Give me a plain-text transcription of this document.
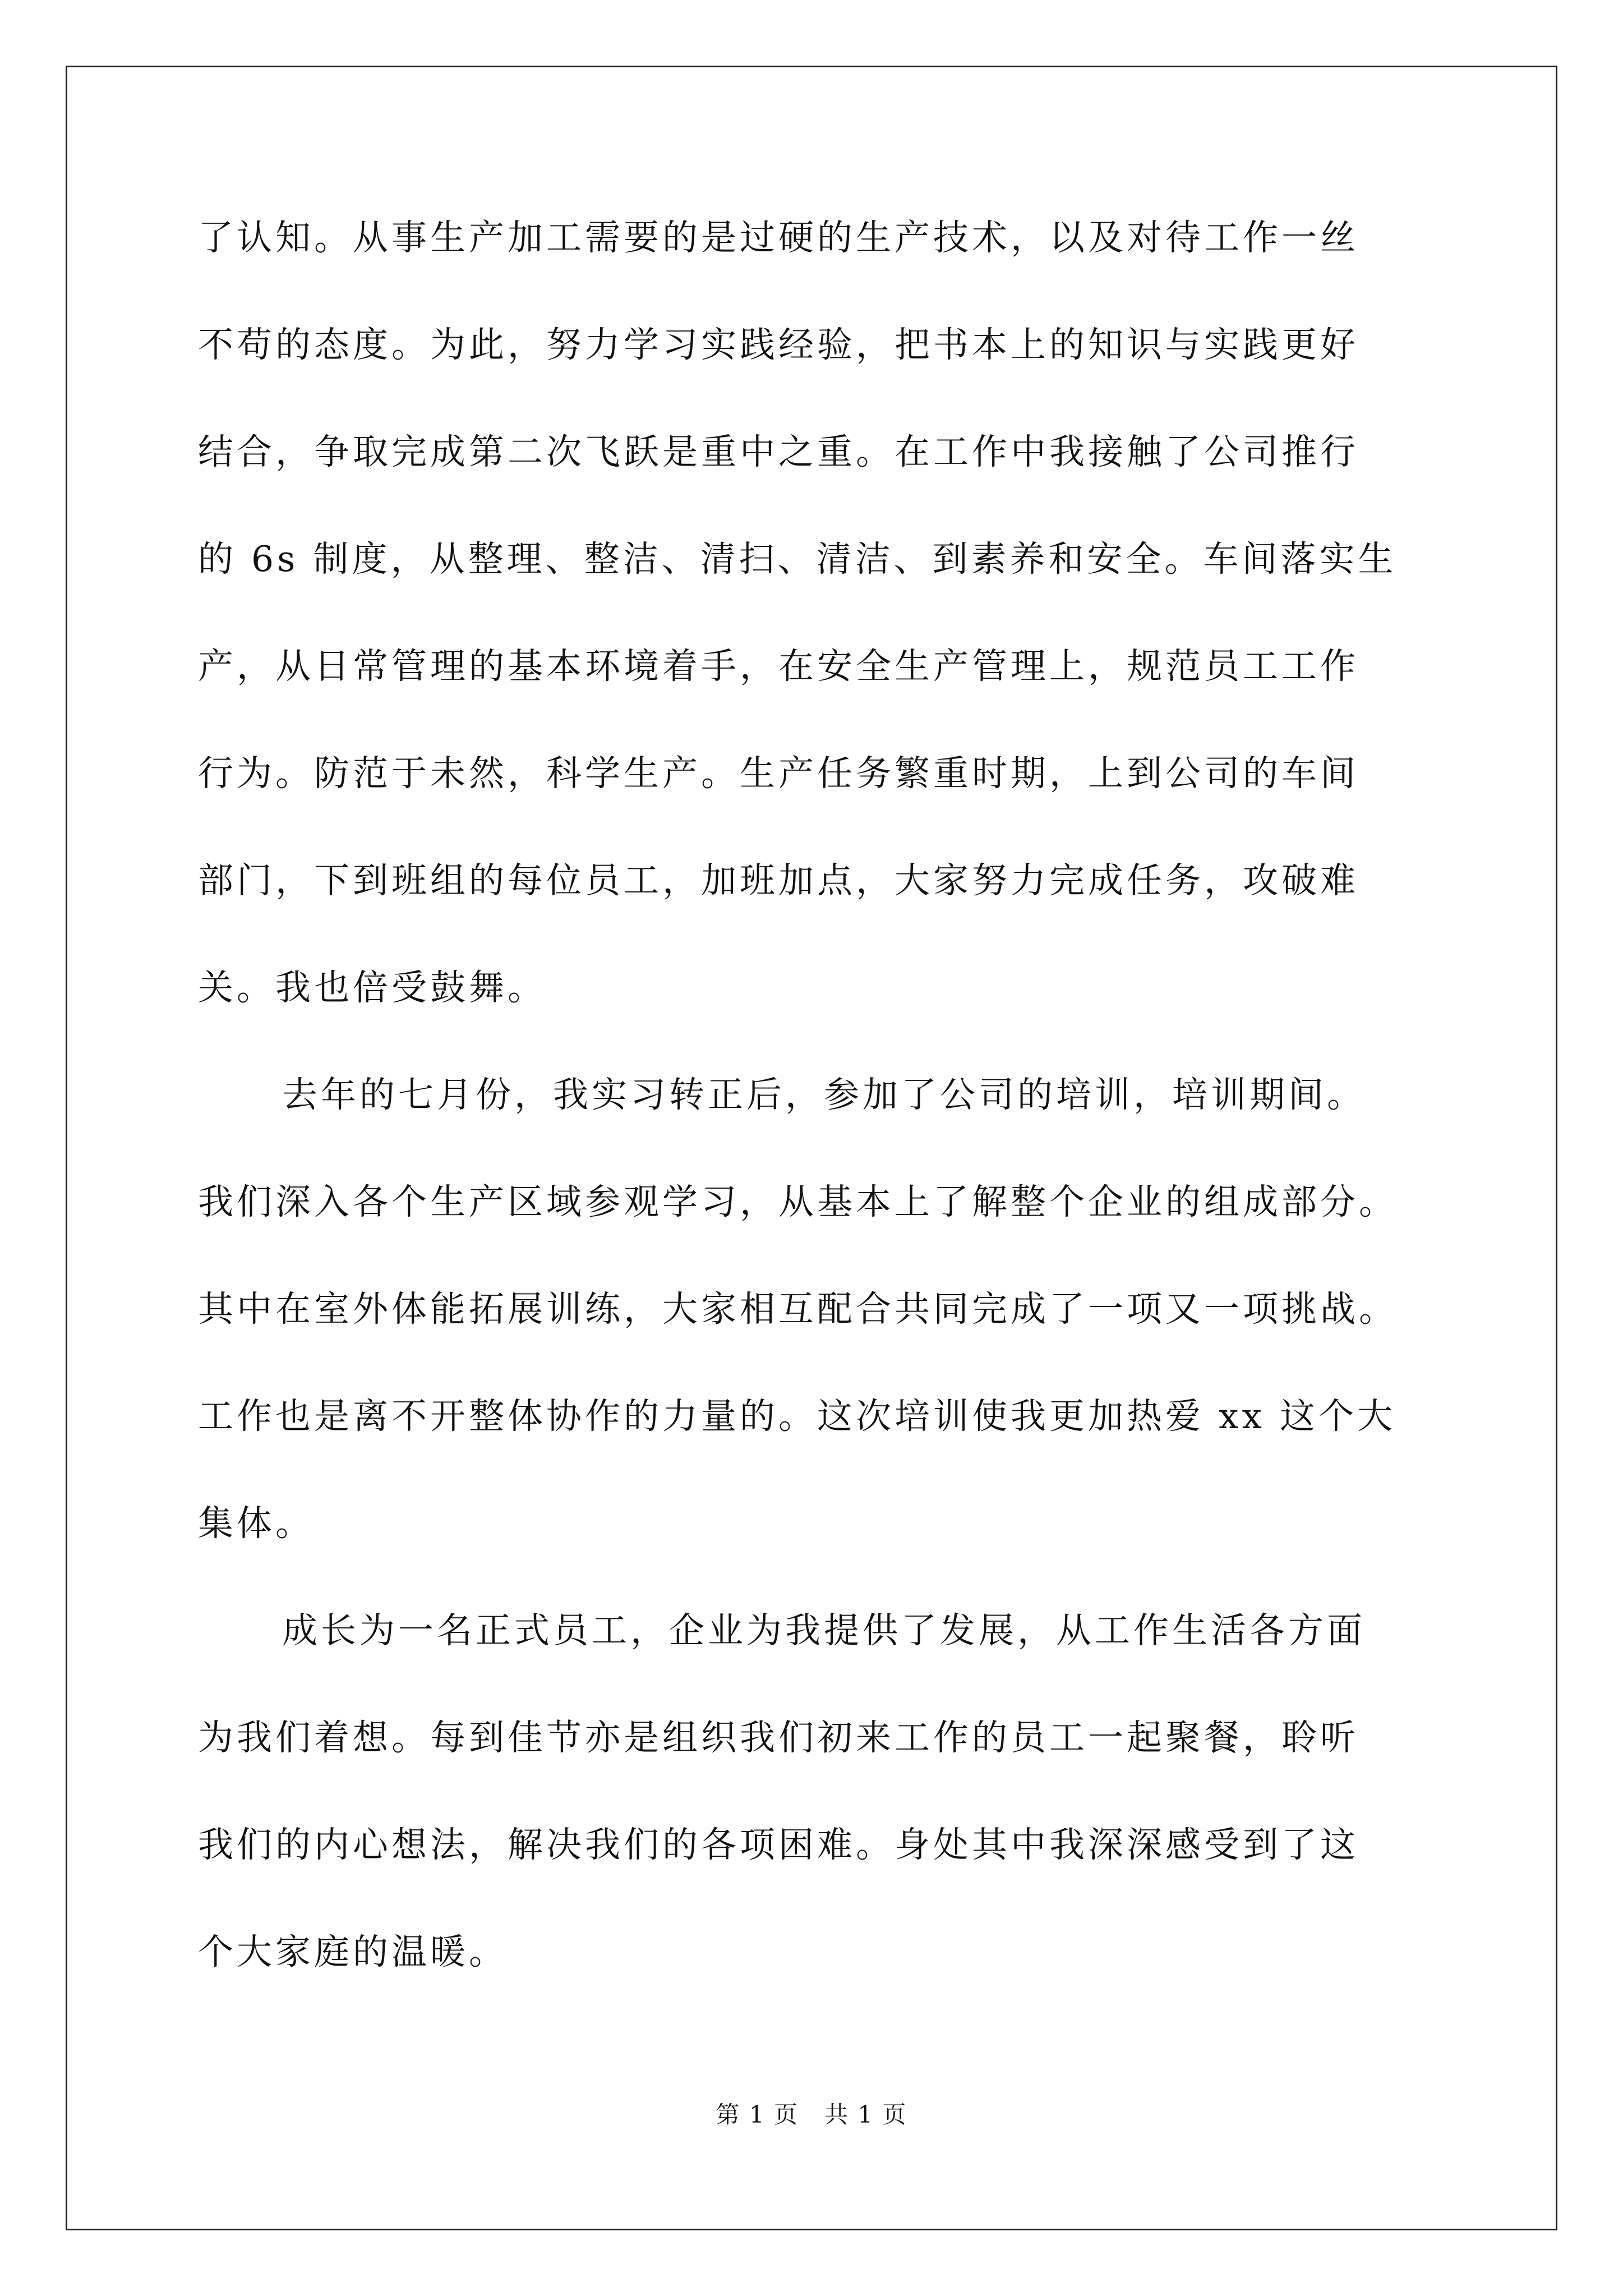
了认知。从事生产加工需要的是过硬的生产技术，以及对待工作一丝
不苟的态度。为此，努力学习实践经验，把书本上的知识与实践更好
结合，争取完成第二次飞跃是重中之重。在工作中我接触了公司推行
的 6s 制度，从整理、整洁、清扫、清洁、到素养和安全。车间落实生
产，从日常管理的基本环境着手，在安全生产管理上，规范员工工作
行为。防范于未然，科学生产。生产任务繁重时期，上到公司的车间
部门，下到班组的每位员工，加班加点，大家努力完成任务，攻破难
关。我也倍受鼓舞。
去年的七月份，我实习转正后，参加了公司的培训，培训期间。
我们深入各个生产区域参观学习，从基本上了解整个企业的组成部分。
其中在室外体能拓展训练，大家相互配合共同完成了一项又一项挑战。
工作也是离不开整体协作的力量的。这次培训使我更加热爱 xx 这个大
集体。
成长为一名正式员工，企业为我提供了发展，从工作生活各方面
为我们着想。每到佳节亦是组织我们初来工作的员工一起聚餐，聆听
我们的内心想法，解决我们的各项困难。身处其中我深深感受到了这
个大家庭的温暖。
第 1 页   共 1 页
